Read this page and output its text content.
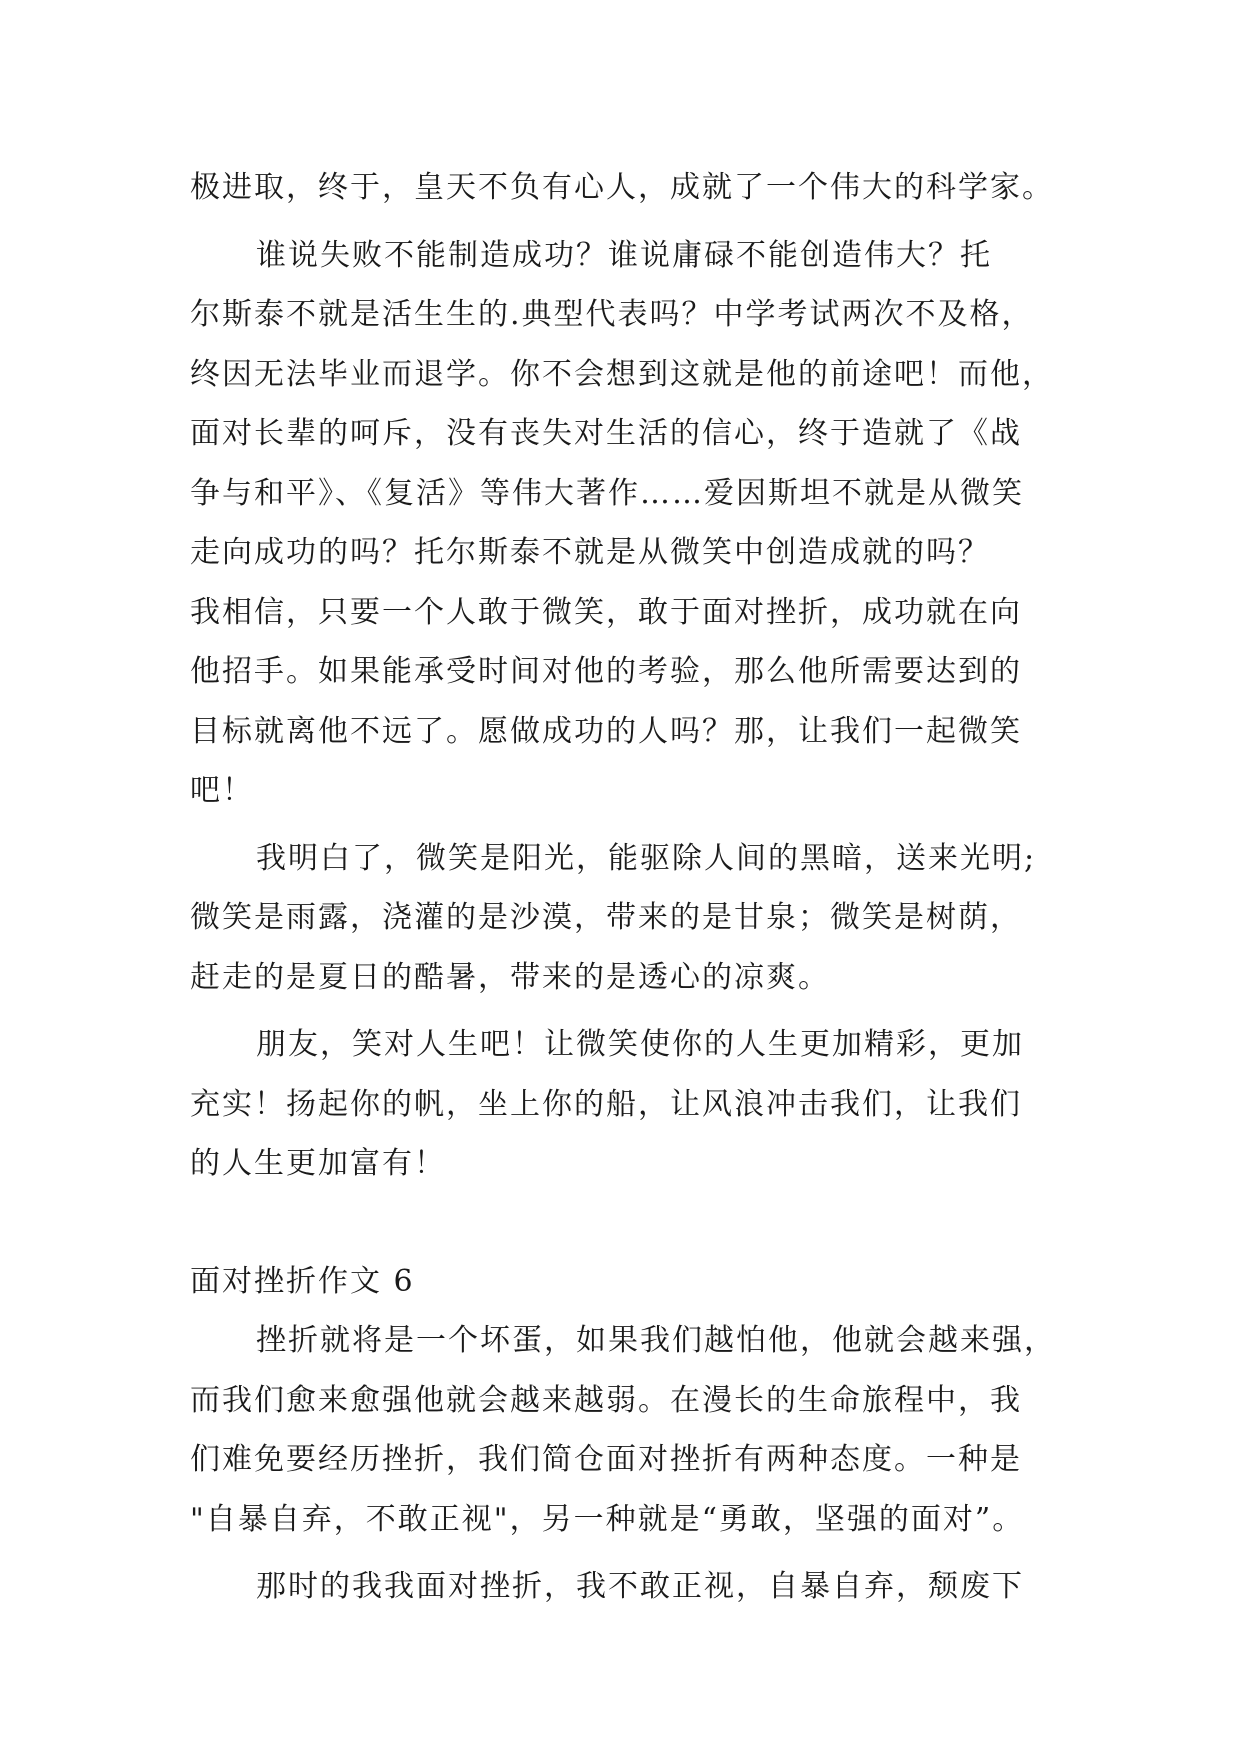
极进取，终于，皇天不负有心人，成就了一个伟大的科学家。
谁说失败不能制造成功？谁说庸碌不能创造伟大？托
尔斯泰不就是活生生的.典型代表吗？中学考试两次不及格，
终因无法毕业而退学。你不会想到这就是他的前途吧！而他，
面对长辈的呵斥，没有丧失对生活的信心，终于造就了《战
争与和平》、《复活》等伟大著作……爱因斯坦不就是从微笑
走向成功的吗？托尔斯泰不就是从微笑中创造成就的吗？
我相信，只要一个人敢于微笑，敢于面对挫折，成功就在向
他招手。如果能承受时间对他的考验，那么他所需要达到的
目标就离他不远了。愿做成功的人吗？那，让我们一起微笑
吧！
我明白了，微笑是阳光，能驱除人间的黑暗，送来光明;
微笑是雨露，浇灌的是沙漠，带来的是甘泉；微笑是树荫，
赶走的是夏日的酷暑，带来的是透心的凉爽。
朋友，笑对人生吧！让微笑使你的人生更加精彩，更加
充实！扬起你的帆，坐上你的船，让风浪冲击我们，让我们
的人生更加富有！
面对挫折作文 6
挫折就将是一个坏蛋，如果我们越怕他，他就会越来强，
而我们愈来愈强他就会越来越弱。在漫长的生命旅程中，我
们难免要经历挫折，我们简仓面对挫折有两种态度。一种是
"自暴自弃，不敢正视"，另一种就是“勇敢，坚强的面对”。
那时的我我面对挫折，我不敢正视，自暴自弃，颓废下
